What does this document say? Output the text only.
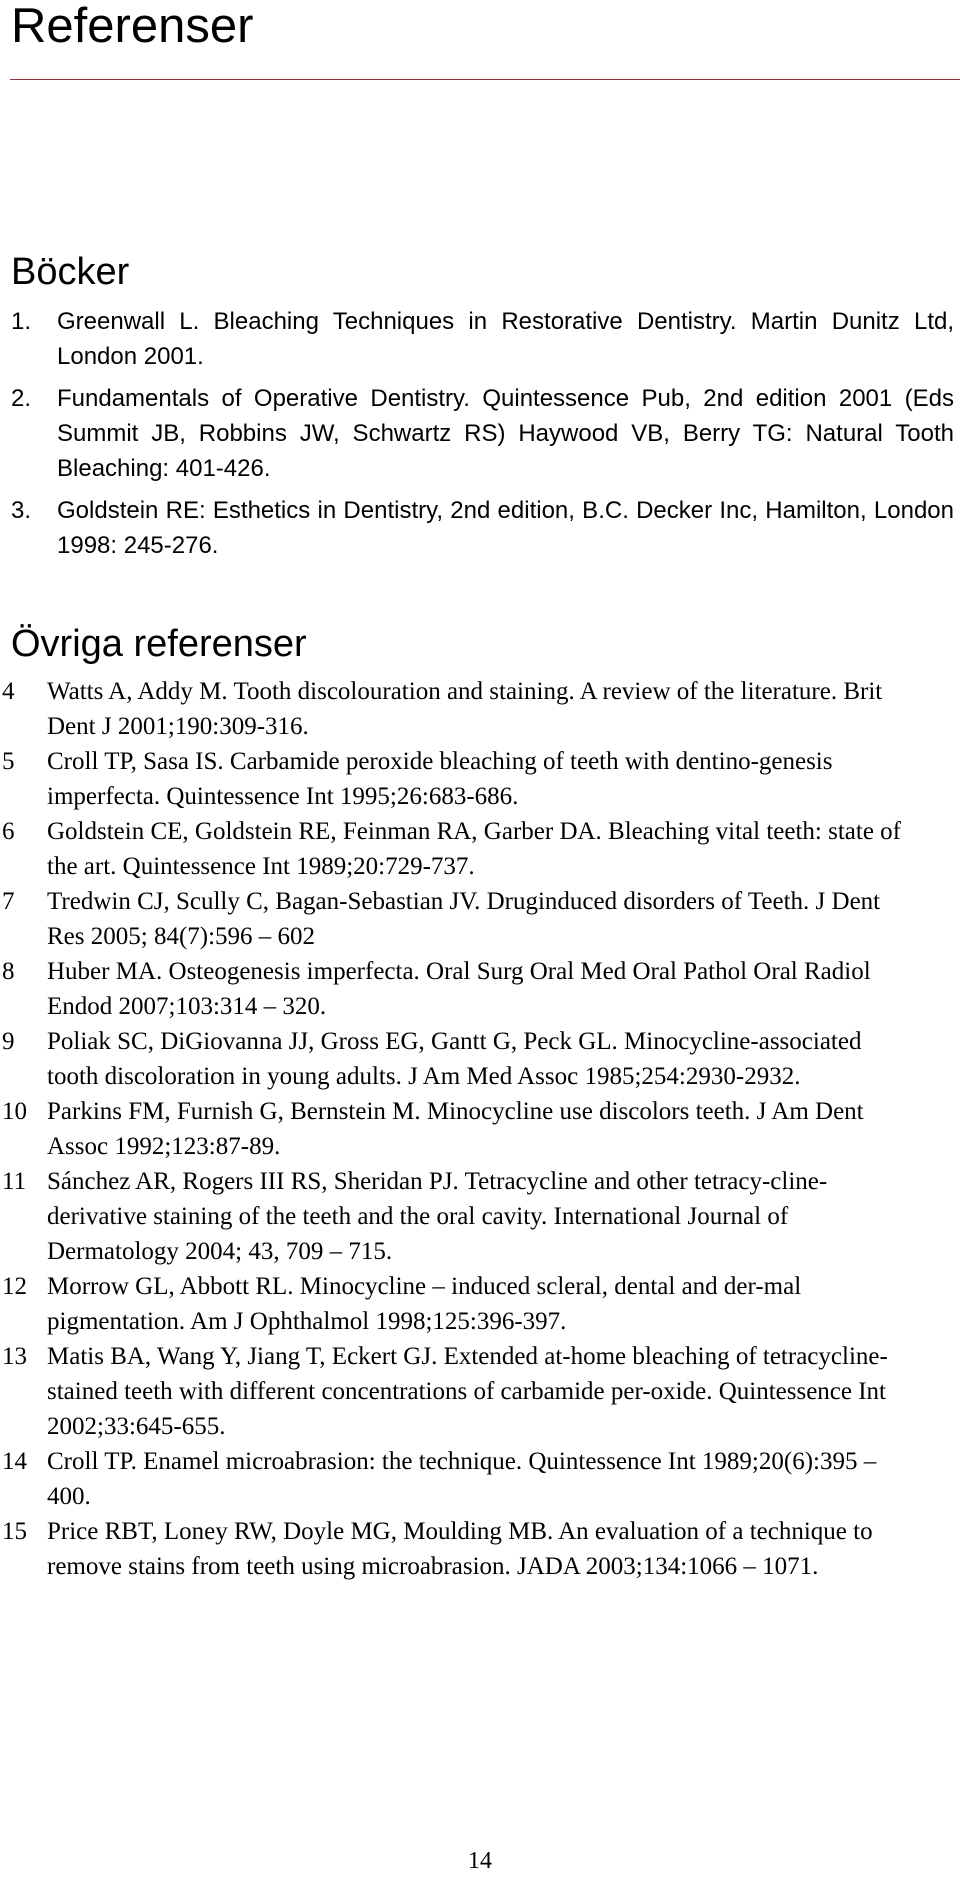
Referenser
Böcker
1. Greenwall L. Bleaching Techniques in Restorative Dentistry. Martin Dunitz Ltd, London 2001.
2. Fundamentals of Operative Dentistry. Quintessence Pub, 2nd edition 2001 (Eds Summit JB, Robbins JW, Schwartz RS) Haywood VB, Berry TG: Natural Tooth Bleaching: 401-426.
3. Goldstein RE: Esthetics in Dentistry, 2nd edition, B.C. Decker Inc, Hamilton, London 1998: 245-276.
Övriga referenser
4 Watts A, Addy M. Tooth discolouration and staining. A review of the literature. Brit Dent J 2001;190:309-316.
5 Croll TP, Sasa IS. Carbamide peroxide bleaching of teeth with dentino-genesis imperfecta. Quintessence Int 1995;26:683-686.
6 Goldstein CE, Goldstein RE, Feinman RA, Garber DA. Bleaching vital teeth: state of the art. Quintessence Int 1989;20:729-737.
7 Tredwin CJ, Scully C, Bagan-Sebastian JV. Druginduced disorders of Teeth. J Dent Res 2005; 84(7):596 – 602
8 Huber MA. Osteogenesis imperfecta. Oral Surg Oral Med Oral Pathol Oral Radiol Endod 2007;103:314 – 320.
9 Poliak SC, DiGiovanna JJ, Gross EG, Gantt G, Peck GL. Minocycline-associated tooth discoloration in young adults. J Am Med Assoc 1985;254:2930-2932.
10 Parkins FM, Furnish G, Bernstein M. Minocycline use discolors teeth. J Am Dent Assoc 1992;123:87-89.
11 Sánchez AR, Rogers III RS, Sheridan PJ. Tetracycline and other tetracy-cline-derivative staining of the teeth and the oral cavity. International Journal of Dermatology 2004; 43, 709 – 715.
12 Morrow GL, Abbott RL. Minocycline – induced scleral, dental and der-mal pigmentation. Am J Ophthalmol 1998;125:396-397.
13 Matis BA, Wang Y, Jiang T, Eckert GJ. Extended at-home bleaching of tetracycline-stained teeth with different concentrations of carbamide per-oxide. Quintessence Int 2002;33:645-655.
14 Croll TP. Enamel microabrasion: the technique. Quintessence Int 1989;20(6):395 – 400.
15 Price RBT, Loney RW, Doyle MG, Moulding MB. An evaluation of a technique to remove stains from teeth using microabrasion. JADA 2003;134:1066 – 1071.
14
